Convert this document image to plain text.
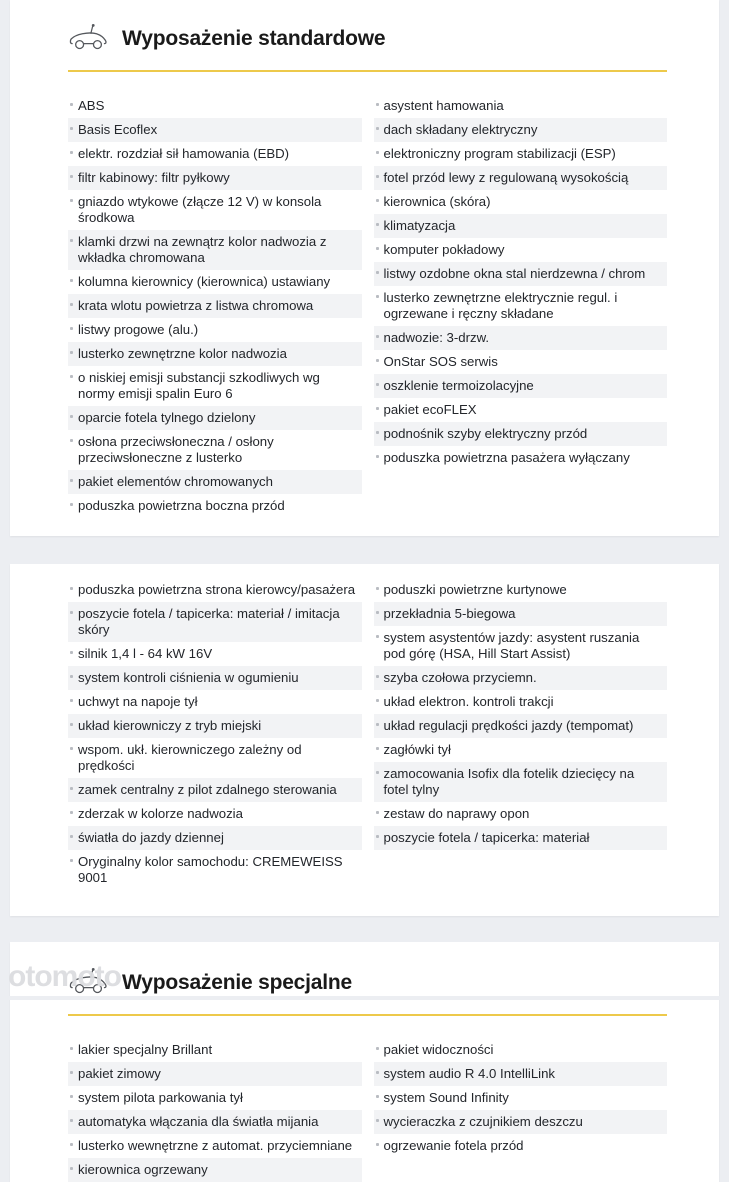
Wyposażenie standardowe
ABS
Basis Ecoflex
elektr. rozdział sił hamowania (EBD)
filtr kabinowy: filtr pyłkowy
gniazdo wtykowe (złącze 12 V) w konsola środkowa
klamki drzwi na zewnątrz kolor nadwozia z wkładka chromowana
kolumna kierownicy (kierownica) ustawiany
krata wlotu powietrza z listwa chromowa
listwy progowe (alu.)
lusterko zewnętrzne kolor nadwozia
o niskiej emisji substancji szkodliwych wg normy emisji spalin Euro 6
oparcie fotela tylnego dzielony
osłona przeciwsłoneczna / osłony przeciwsłoneczne z lusterko
pakiet elementów chromowanych
poduszka powietrzna boczna przód
asystent hamowania
dach składany elektryczny
elektroniczny program stabilizacji (ESP)
fotel przód lewy z regulowaną wysokością
kierownica (skóra)
klimatyzacja
komputer pokładowy
listwy ozdobne okna stal nierdzewna / chrom
lusterko zewnętrzne elektrycznie regul. i ogrzewane i ręczny składane
nadwozie: 3-drzw.
OnStar SOS serwis
oszklenie termoizolacyjne
pakiet ecoFLEX
podnośnik szyby elektryczny przód
poduszka powietrzna pasażera wyłączany
poduszka powietrzna strona kierowcy/pasażera
poszycie fotela / tapicerka: materiał / imitacja skóry
silnik 1,4 l - 64 kW 16V
system kontroli ciśnienia w ogumieniu
uchwyt na napoje tył
układ kierowniczy z tryb miejski
wspom. ukł. kierowniczego zależny od prędkości
zamek centralny z pilot zdalnego sterowania
zderzak w kolorze nadwozia
światła do jazdy dziennej
Oryginalny kolor samochodu: CREMEWEISS 9001
poduszki powietrzne kurtynowe
przekładnia 5-biegowa
system asystentów jazdy: asystent ruszania pod górę (HSA, Hill Start Assist)
szyba czołowa przyciemn.
układ elektron. kontroli trakcji
układ regulacji prędkości jazdy (tempomat)
zagłówki tył
zamocowania Isofix dla fotelik dziecięcy na fotel tylny
zestaw do naprawy opon
poszycie fotela / tapicerka: materiał
Wyposażenie specjalne
lakier specjalny Brillant
pakiet zimowy
system pilota parkowania tył
automatyka włączania dla światła mijania
lusterko wewnętrzne z automat. przyciemniane
kierownica ogrzewany
pakiet widoczności
system audio R 4.0 IntelliLink
system Sound Infinity
wycieraczka z czujnikiem deszczu
ogrzewanie fotela przód
otomoto
